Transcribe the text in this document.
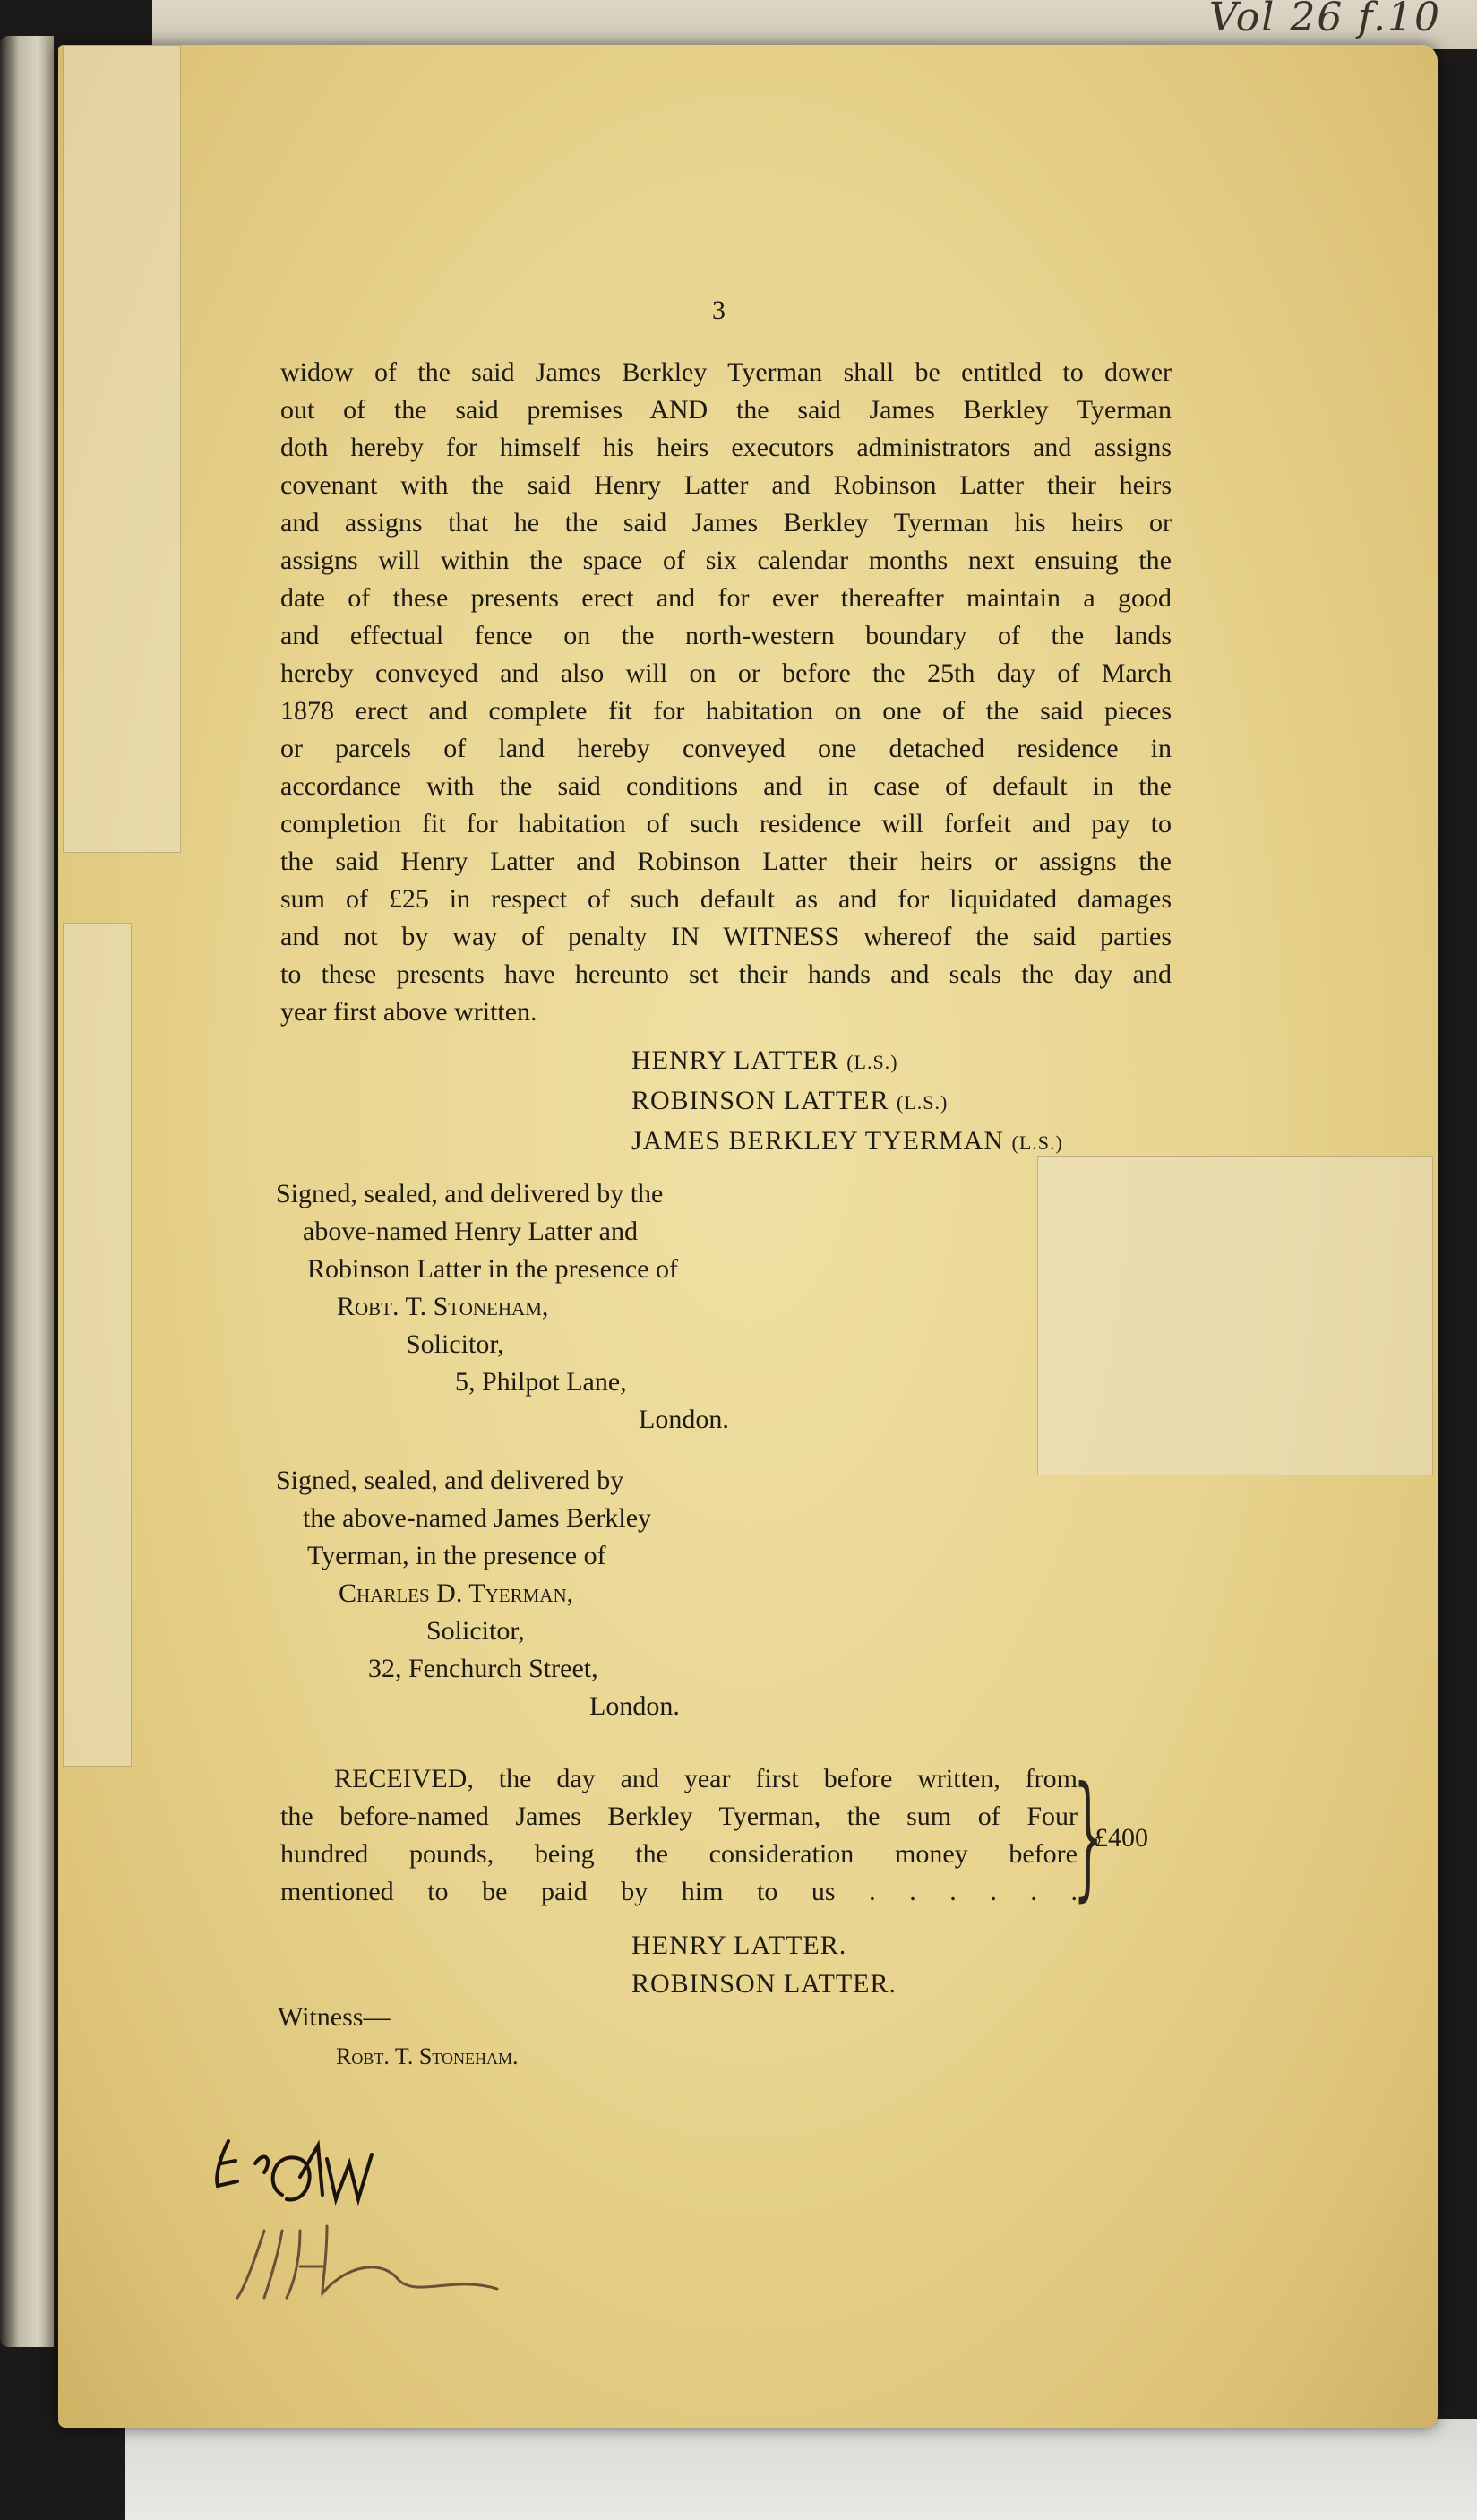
Vol 26 f.10
3

widow of the said James Berkley Tyerman shall be entitled to dower

out of the said premises AND the said James Berkley Tyerman

doth hereby for himself his heirs executors administrators and assigns

covenant with the said Henry Latter and Robinson Latter their heirs

and assigns that he the said James Berkley Tyerman his heirs or

assigns will within the space of six calendar months next ensuing the

date of these presents erect and for ever thereafter maintain a good

and effectual fence on the north-western boundary of the lands

hereby conveyed and also will on or before the 25th day of March

1878 erect and complete fit for habitation on one of the said pieces

or parcels of land hereby conveyed one detached residence in

accordance with the said conditions and in case of default in the

completion fit for habitation of such residence will forfeit and pay to

the said Henry Latter and Robinson Latter their heirs or assigns the

sum of £25 in respect of such default as and for liquidated damages

and not by way of penalty IN WITNESS whereof the said parties

to these presents have hereunto set their hands and seals the day and

year first above written.

HENRY LATTER (L.S.)
ROBINSON LATTER (L.S.)
JAMES BERKLEY TYERMAN (L.S.)
Signed, sealed, and delivered by the
above-named Henry Latter and
Robinson Latter in the presence of
Robt. T. Stoneham,
Solicitor,
5, Philpot Lane,
London.
Signed, sealed, and delivered by
the above-named James Berkley
Tyerman, in the presence of
Charles D. Tyerman,
Solicitor,
32, Fenchurch Street,
London.

RECEIVED, the day and year first before written, from

the before-named James Berkley Tyerman, the sum of Four

hundred pounds, being the consideration money before

mentioned to be paid by him to us . . . . . .

}
£400
HENRY LATTER.
ROBINSON LATTER.
Witness—
Robt. T. Stoneham.
